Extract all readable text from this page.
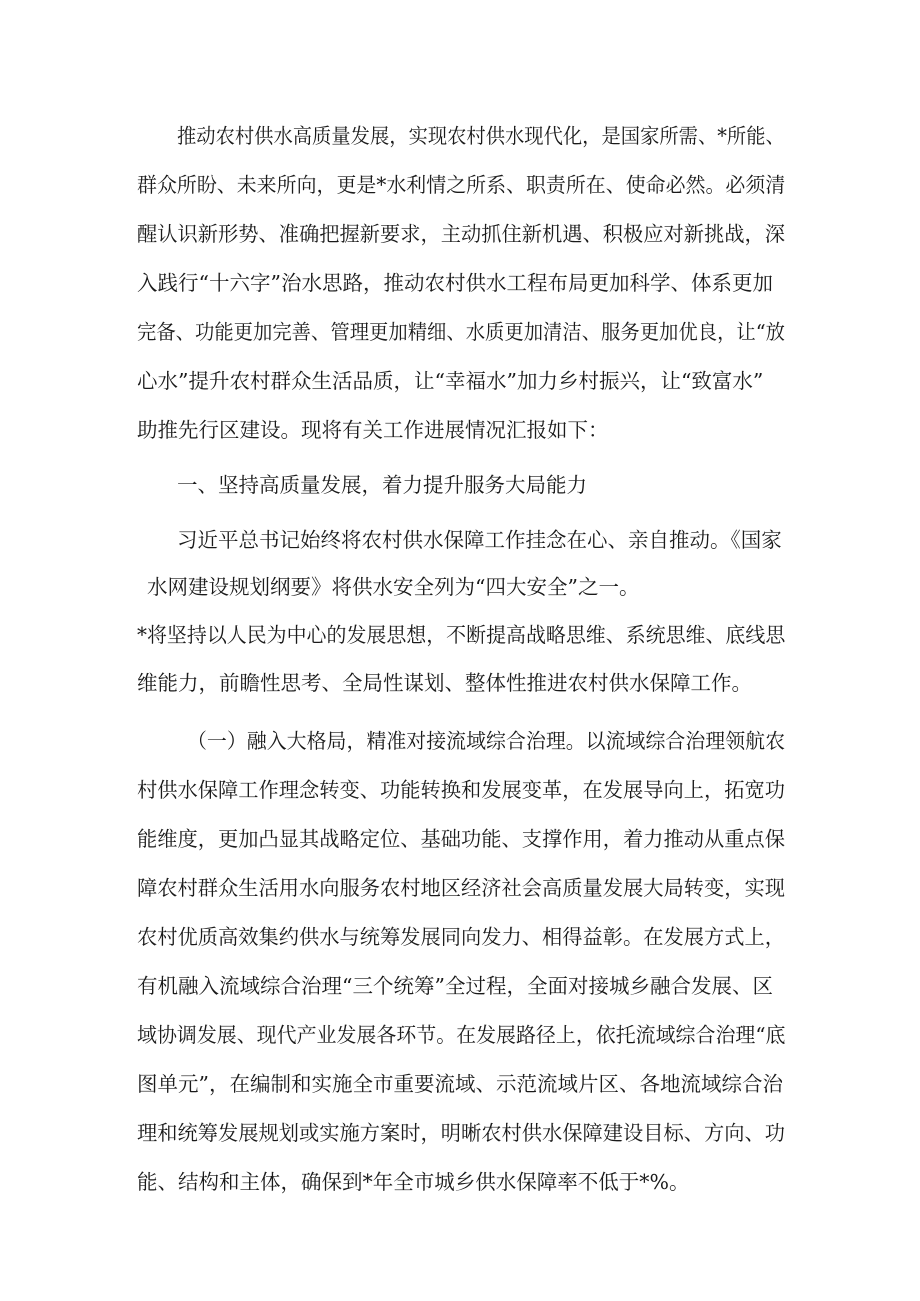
推动农村供水高质量发展，实现农村供水现代化，是国家所需、*所能、
群众所盼、未来所向，更是*水利情之所系、职责所在、使命必然。必须清
醒认识新形势、准确把握新要求，主动抓住新机遇、积极应对新挑战，深
入践行“十六字”治水思路，推动农村供水工程布局更加科学、体系更加
完备、功能更加完善、管理更加精细、水质更加清洁、服务更加优良，让“放
心水”提升农村群众生活品质，让“幸福水”加力乡村振兴，让“致富水”
助推先行区建设。现将有关工作进展情况汇报如下：
一、坚持高质量发展，着力提升服务大局能力
习近平总书记始终将农村供水保障工作挂念在心、亲自推动。《国家
水网建设规划纲要》将供水安全列为“四大安全”之一。
*将坚持以人民为中心的发展思想，不断提高战略思维、系统思维、底线思
维能力，前瞻性思考、全局性谋划、整体性推进农村供水保障工作。
（一）融入大格局，精准对接流域综合治理。以流域综合治理领航农
村供水保障工作理念转变、功能转换和发展变革，在发展导向上，拓宽功
能维度，更加凸显其战略定位、基础功能、支撑作用，着力推动从重点保
障农村群众生活用水向服务农村地区经济社会高质量发展大局转变，实现
农村优质高效集约供水与统筹发展同向发力、相得益彰。在发展方式上，
有机融入流域综合治理“三个统筹”全过程，全面对接城乡融合发展、区
域协调发展、现代产业发展各环节。在发展路径上，依托流域综合治理“底
图单元”，在编制和实施全市重要流域、示范流域片区、各地流域综合治
理和统筹发展规划或实施方案时，明晰农村供水保障建设目标、方向、功
能、结构和主体，确保到*年全市城乡供水保障率不低于*%。
